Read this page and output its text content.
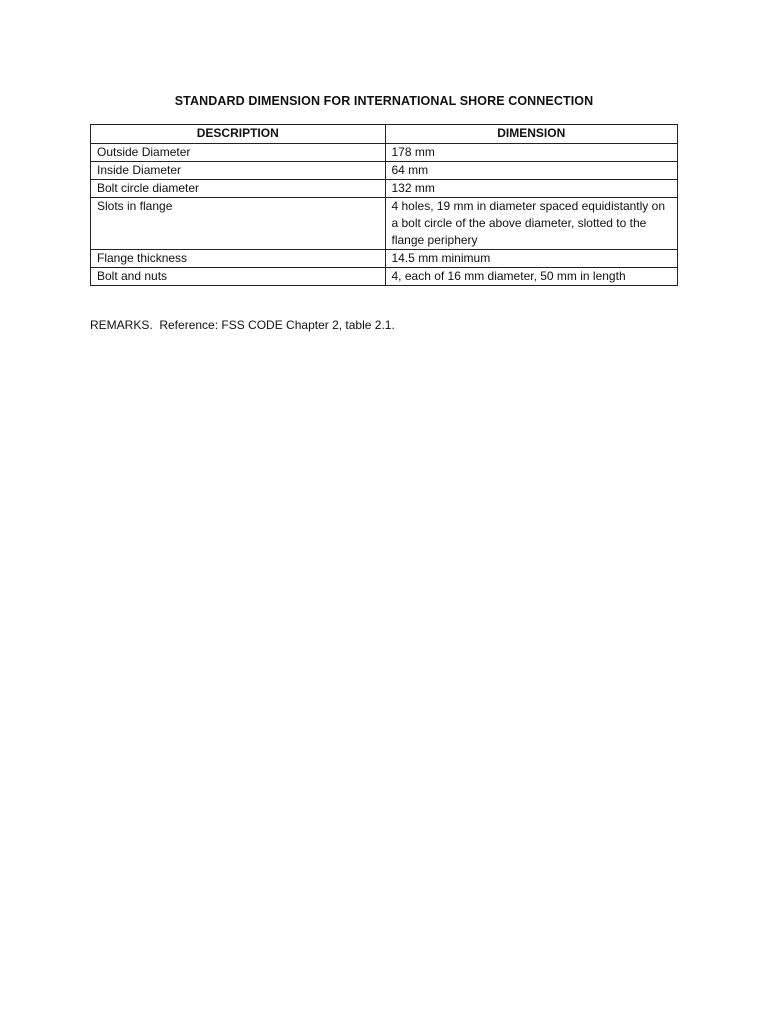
STANDARD DIMENSION FOR INTERNATIONAL SHORE CONNECTION
DESCRIPTION	DIMENSION
Outside Diameter	178 mm
Inside Diameter	64 mm
Bolt circle diameter	132 mm
Slots in flange	4 holes, 19 mm in diameter spaced equidistantly on a bolt circle of the above diameter, slotted to the flange periphery
Flange thickness	14.5 mm minimum
Bolt and nuts	4, each of 16 mm diameter, 50 mm in length
REMARKS.  Reference: FSS CODE Chapter 2, table 2.1.
